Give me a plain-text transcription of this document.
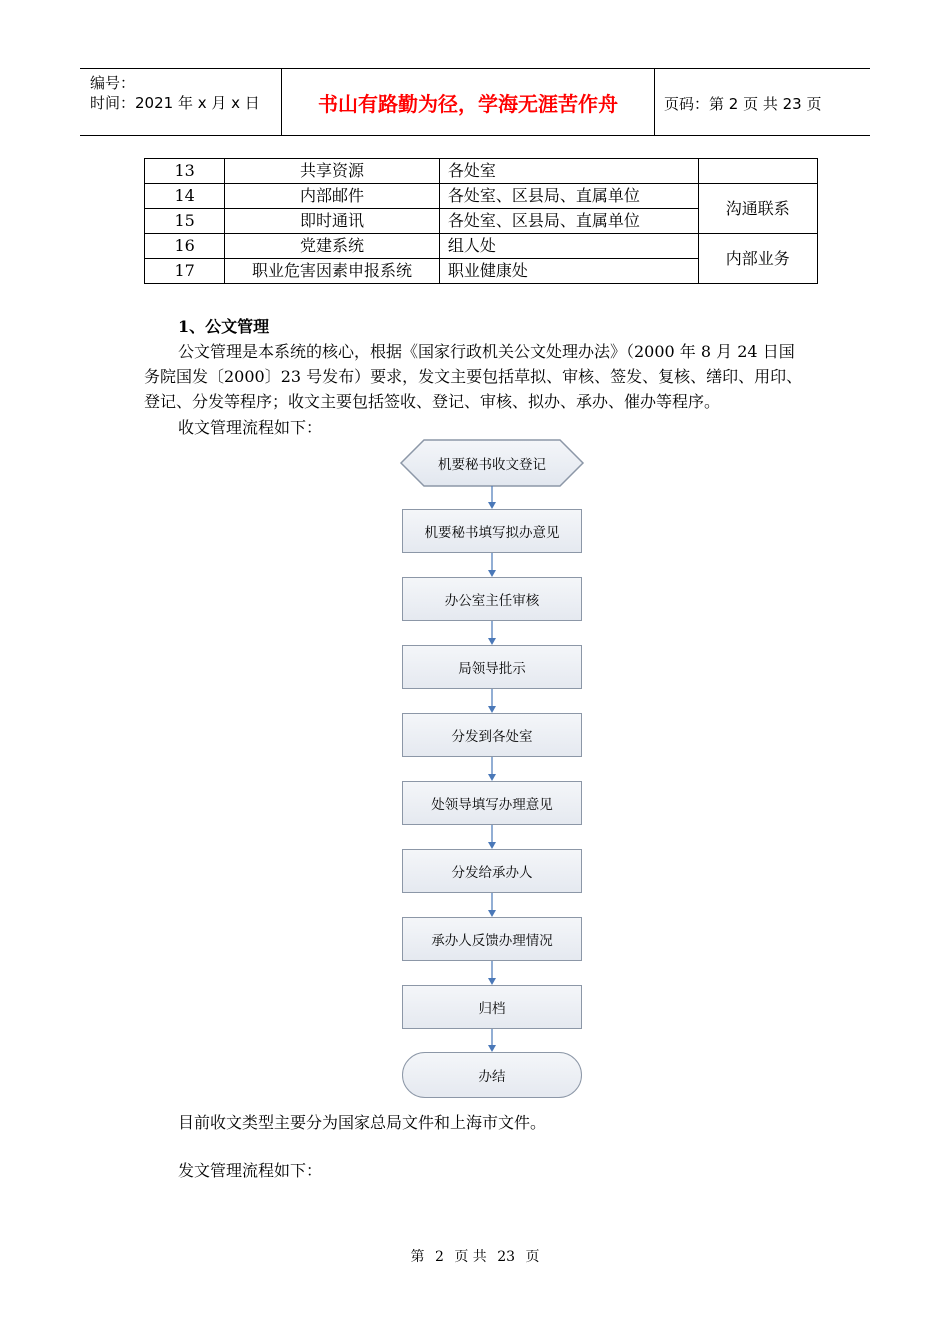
编号：
时间：2021 年 x 月 x 日	书山有路勤为径，学海无涯苦作舟	页码：第 2 页 共 23 页
13	共享资源	各处室	
14	内部邮件	各处室、区县局、直属单位	沟通联系
15	即时通讯	各处室、区县局、直属单位	
16	党建系统	组人处	内部业务
17	职业危害因素申报系统	职业健康处	
1、公文管理
公文管理是本系统的核心，根据《国家行政机关公文处理办法》（2000 年 8 月 24 日国
务院国发〔2000〕23 号发布）要求，发文主要包括草拟、审核、签发、复核、缮印、用印、
登记、分发等程序；收文主要包括签收、登记、审核、拟办、承办、催办等程序。
收文管理流程如下：
机要秘书收文登记
机要秘书填写拟办意见
办公室主任审核
局领导批示
分发到各处室
处领导填写办理意见
分发给承办人
承办人反馈办理情况
归档
办结
目前收文类型主要分为国家总局文件和上海市文件。
发文管理流程如下：
第 2 页 共 23 页
